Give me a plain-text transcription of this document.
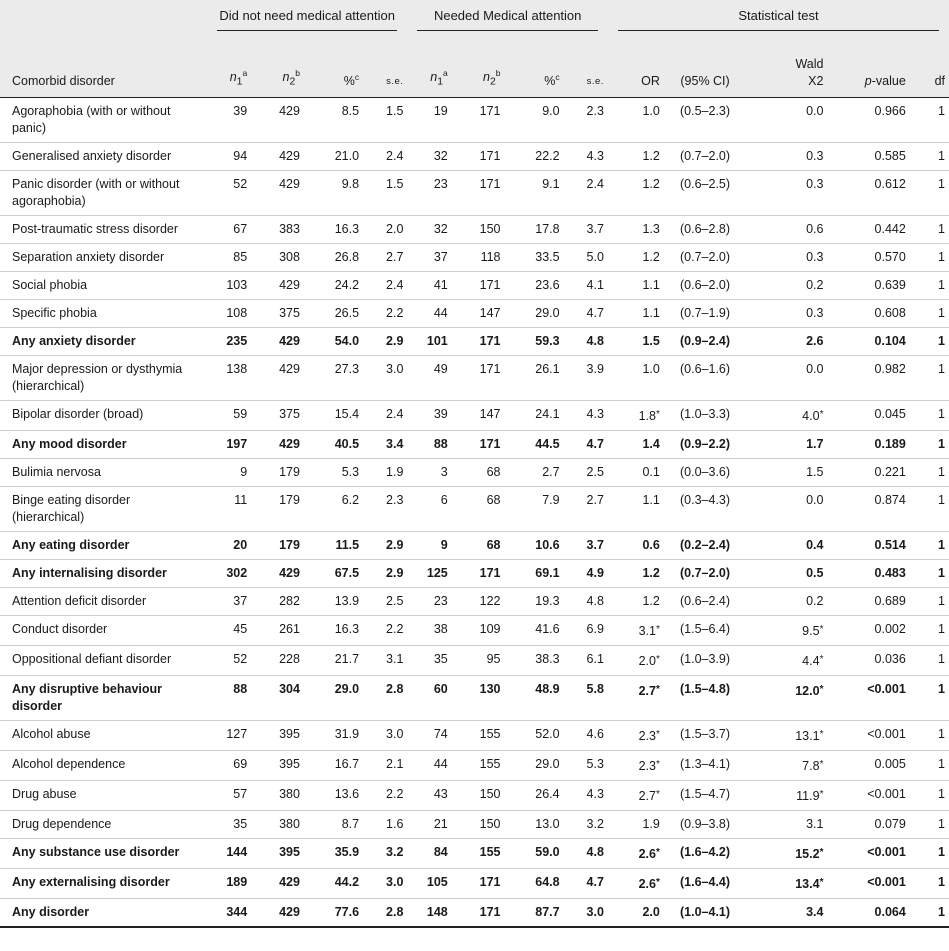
	Did not need medical attention				Needed Medical attention				Statistical test				

Comorbid disorder	$n_1^a$	$n_2^b$	%$^c$	s.e.	$n_1^a$	$n_2^b$	%$^c$	s.e.	OR	(95% CI)	Wald
X2	p-value	df
Agoraphobia (with or without panic)	39	429	8.5	1.5	19	171	9.0	2.3	1.0	(0.5–2.3)	0.0	0.966	1
Generalised anxiety disorder	94	429	21.0	2.4	32	171	22.2	4.3	1.2	(0.7–2.0)	0.3	0.585	1
Panic disorder (with or without agoraphobia)	52	429	9.8	1.5	23	171	9.1	2.4	1.2	(0.6–2.5)	0.3	0.612	1
Post-traumatic stress disorder	67	383	16.3	2.0	32	150	17.8	3.7	1.3	(0.6–2.8)	0.6	0.442	1
Separation anxiety disorder	85	308	26.8	2.7	37	118	33.5	5.0	1.2	(0.7–2.0)	0.3	0.570	1
Social phobia	103	429	24.2	2.4	41	171	23.6	4.1	1.1	(0.6–2.0)	0.2	0.639	1
Specific phobia	108	375	26.5	2.2	44	147	29.0	4.7	1.1	(0.7–1.9)	0.3	0.608	1
Any anxiety disorder	235	429	54.0	2.9	101	171	59.3	4.8	1.5	(0.9–2.4)	2.6	0.104	1
Major depression or dysthymia (hierarchical)	138	429	27.3	3.0	49	171	26.1	3.9	1.0	(0.6–1.6)	0.0	0.982	1
Bipolar disorder (broad)	59	375	15.4	2.4	39	147	24.1	4.3	1.8*	(1.0–3.3)	4.0*	0.045	1
Any mood disorder	197	429	40.5	3.4	88	171	44.5	4.7	1.4	(0.9–2.2)	1.7	0.189	1
Bulimia nervosa	9	179	5.3	1.9	3	68	2.7	2.5	0.1	(0.0–3.6)	1.5	0.221	1
Binge eating disorder (hierarchical)	11	179	6.2	2.3	6	68	7.9	2.7	1.1	(0.3–4.3)	0.0	0.874	1
Any eating disorder	20	179	11.5	2.9	9	68	10.6	3.7	0.6	(0.2–2.4)	0.4	0.514	1
Any internalising disorder	302	429	67.5	2.9	125	171	69.1	4.9	1.2	(0.7–2.0)	0.5	0.483	1
Attention deficit disorder	37	282	13.9	2.5	23	122	19.3	4.8	1.2	(0.6–2.4)	0.2	0.689	1
Conduct disorder	45	261	16.3	2.2	38	109	41.6	6.9	3.1*	(1.5–6.4)	9.5*	0.002	1
Oppositional defiant disorder	52	228	21.7	3.1	35	95	38.3	6.1	2.0*	(1.0–3.9)	4.4*	0.036	1
Any disruptive behaviour disorder	88	304	29.0	2.8	60	130	48.9	5.8	2.7*	(1.5–4.8)	12.0*	<0.001	1
Alcohol abuse	127	395	31.9	3.0	74	155	52.0	4.6	2.3*	(1.5–3.7)	13.1*	<0.001	1
Alcohol dependence	69	395	16.7	2.1	44	155	29.0	5.3	2.3*	(1.3–4.1)	7.8*	0.005	1
Drug abuse	57	380	13.6	2.2	43	150	26.4	4.3	2.7*	(1.5–4.7)	11.9*	<0.001	1
Drug dependence	35	380	8.7	1.6	21	150	13.0	3.2	1.9	(0.9–3.8)	3.1	0.079	1
Any substance use disorder	144	395	35.9	3.2	84	155	59.0	4.8	2.6*	(1.6–4.2)	15.2*	<0.001	1
Any externalising disorder	189	429	44.2	3.0	105	171	64.8	4.7	2.6*	(1.6–4.4)	13.4*	<0.001	1
Any disorder	344	429	77.6	2.8	148	171	87.7	3.0	2.0	(1.0–4.1)	3.4	0.064	1
